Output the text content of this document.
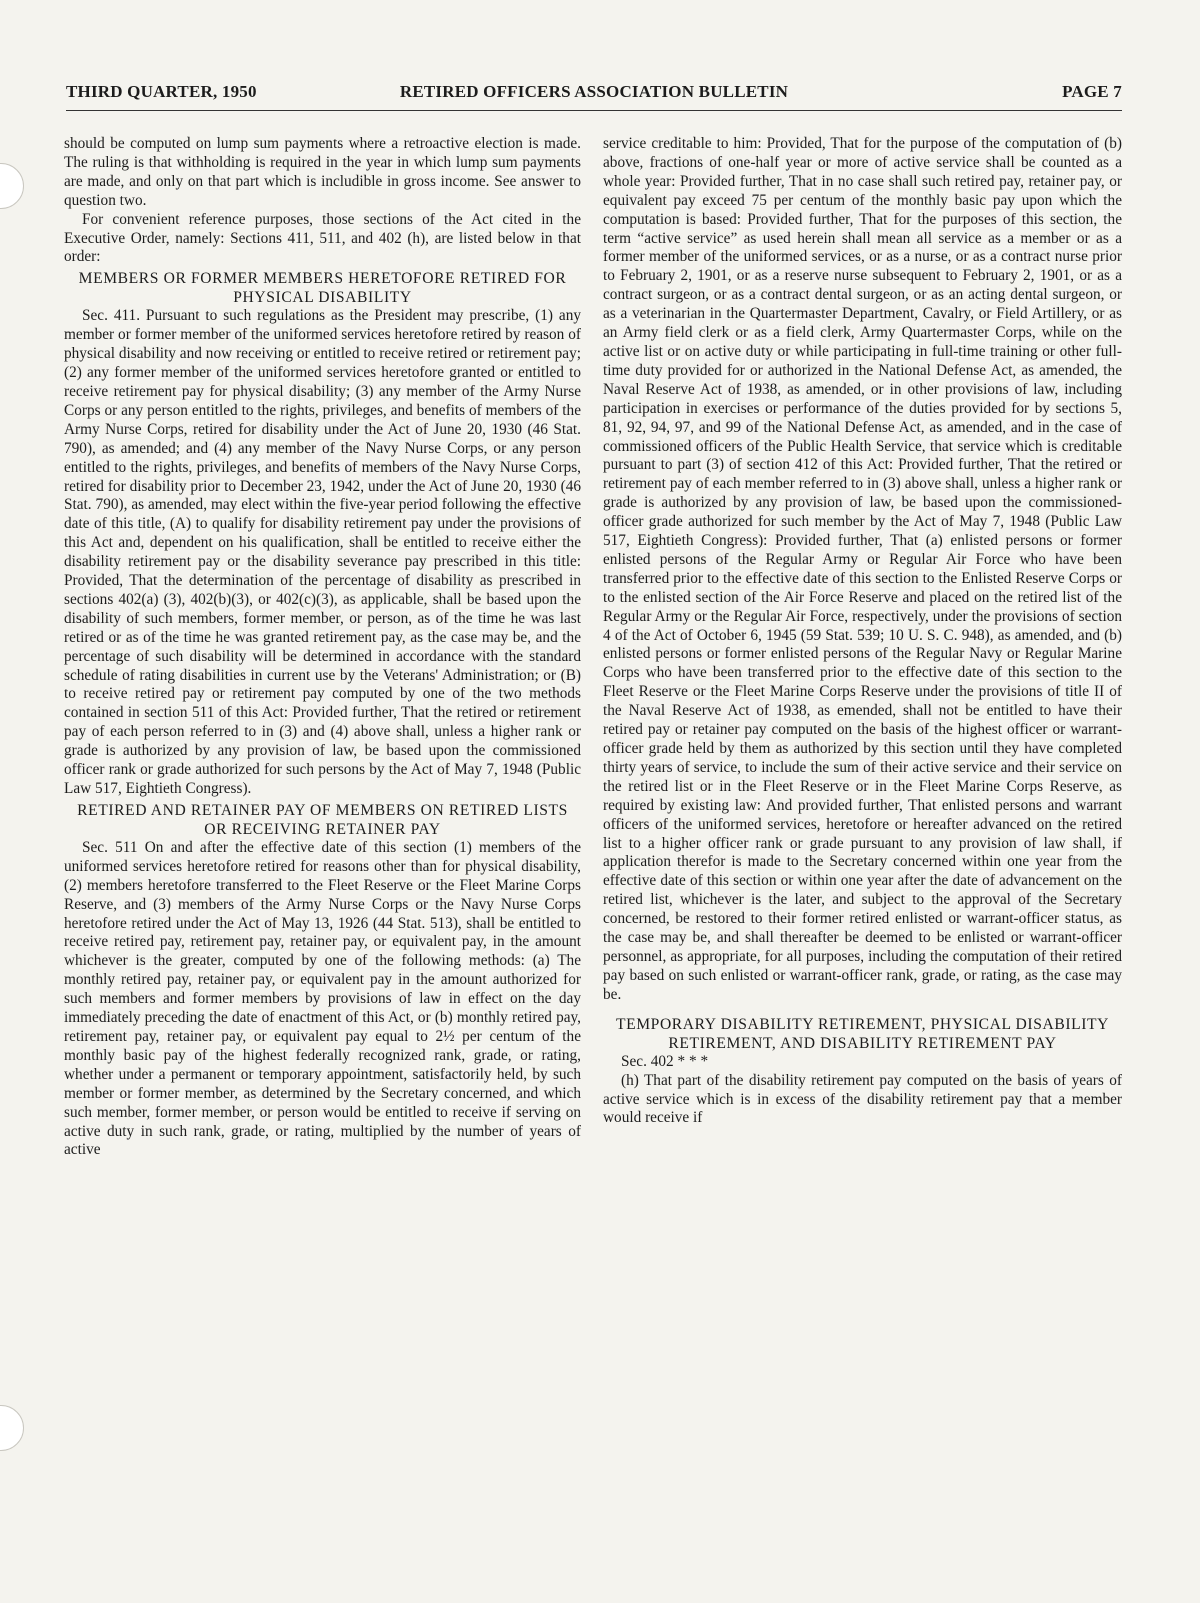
THIRD QUARTER, 1950	RETIRED OFFICERS ASSOCIATION BULLETIN	PAGE 7

should be computed on lump sum payments where a retroactive election is made. The ruling is that withholding is required in the year in which lump sum payments are made, and only on that part which is includible in gross income. See answer to question two.

For convenient reference purposes, those sections of the Act cited in the Executive Order, namely: Sections 411, 511, and 402 (h), are listed below in that order:

MEMBERS OR FORMER MEMBERS HERETOFORE RETIRED FOR PHYSICAL DISABILITY

Sec. 411. Pursuant to such regulations as the President may prescribe, (1) any member or former member of the uniformed services heretofore retired by reason of physical disability and now receiving or entitled to receive retired or retirement pay; (2) any former member of the uniformed services heretofore granted or entitled to receive retirement pay for physical disability; (3) any member of the Army Nurse Corps or any person entitled to the rights, privileges, and benefits of members of the Army Nurse Corps, retired for disability under the Act of June 20, 1930 (46 Stat. 790), as amended; and (4) any member of the Navy Nurse Corps, or any person entitled to the rights, privileges, and benefits of members of the Navy Nurse Corps, retired for disability prior to December 23, 1942, under the Act of June 20, 1930 (46 Stat. 790), as amended, may elect within the five-year period following the effective date of this title, (A) to qualify for disability retirement pay under the provisions of this Act and, dependent on his qualification, shall be entitled to receive either the disability retirement pay or the disability severance pay prescribed in this title: Provided, That the determination of the percentage of disability as prescribed in sections 402(a) (3), 402(b)(3), or 402(c)(3), as applicable, shall be based upon the disability of such members, former member, or person, as of the time he was last retired or as of the time he was granted retirement pay, as the case may be, and the percentage of such disability will be determined in accordance with the standard schedule of rating disabilities in current use by the Veterans' Administration; or (B) to receive retired pay or retirement pay computed by one of the two methods contained in section 511 of this Act: Provided further, That the retired or retirement pay of each person referred to in (3) and (4) above shall, unless a higher rank or grade is authorized by any provision of law, be based upon the commissioned officer rank or grade authorized for such persons by the Act of May 7, 1948 (Public Law 517, Eightieth Congress).

RETIRED AND RETAINER PAY OF MEMBERS ON RETIRED LISTS OR RECEIVING RETAINER PAY

Sec. 511 On and after the effective date of this section (1) members of the uniformed services heretofore retired for reasons other than for physical disability, (2) members heretofore transferred to the Fleet Reserve or the Fleet Marine Corps Reserve, and (3) members of the Army Nurse Corps or the Navy Nurse Corps heretofore retired under the Act of May 13, 1926 (44 Stat. 513), shall be entitled to receive retired pay, retirement pay, retainer pay, or equivalent pay, in the amount whichever is the greater, computed by one of the following methods: (a) The monthly retired pay, retainer pay, or equivalent pay in the amount authorized for such members and former members by provisions of law in effect on the day immediately preceding the date of enactment of this Act, or (b) monthly retired pay, retirement pay, retainer pay, or equivalent pay equal to 2½ per centum of the monthly basic pay of the highest federally recognized rank, grade, or rating, whether under a permanent or temporary appointment, satisfactorily held, by such member or former member, as determined by the Secretary concerned, and which such member, former member, or person would be entitled to receive if serving on active duty in such rank, grade, or rating, multiplied by the number of years of active

service creditable to him: Provided, That for the purpose of the computation of (b) above, fractions of one-half year or more of active service shall be counted as a whole year: Provided further, That in no case shall such retired pay, retainer pay, or equivalent pay exceed 75 per centum of the monthly basic pay upon which the computation is based: Provided further, That for the purposes of this section, the term “active service” as used herein shall mean all service as a member or as a former member of the uniformed services, or as a nurse, or as a contract nurse prior to February 2, 1901, or as a reserve nurse subsequent to February 2, 1901, or as a contract surgeon, or as a contract dental surgeon, or as an acting dental surgeon, or as a veterinarian in the Quartermaster Department, Cavalry, or Field Artillery, or as an Army field clerk or as a field clerk, Army Quartermaster Corps, while on the active list or on active duty or while participating in full-time training or other full-time duty provided for or authorized in the National Defense Act, as amended, the Naval Reserve Act of 1938, as amended, or in other provisions of law, including participation in exercises or performance of the duties provided for by sections 5, 81, 92, 94, 97, and 99 of the National Defense Act, as amended, and in the case of commissioned officers of the Public Health Service, that service which is creditable pursuant to part (3) of section 412 of this Act: Provided further, That the retired or retirement pay of each member referred to in (3) above shall, unless a higher rank or grade is authorized by any provision of law, be based upon the commissioned-officer grade authorized for such member by the Act of May 7, 1948 (Public Law 517, Eightieth Congress): Provided further, That (a) enlisted persons or former enlisted persons of the Regular Army or Regular Air Force who have been transferred prior to the effective date of this section to the Enlisted Reserve Corps or to the enlisted section of the Air Force Reserve and placed on the retired list of the Regular Army or the Regular Air Force, respectively, under the provisions of section 4 of the Act of October 6, 1945 (59 Stat. 539; 10 U. S. C. 948), as amended, and (b) enlisted persons or former enlisted persons of the Regular Navy or Regular Marine Corps who have been transferred prior to the effective date of this section to the Fleet Reserve or the Fleet Marine Corps Reserve under the provisions of title II of the Naval Reserve Act of 1938, as emended, shall not be entitled to have their retired pay or retainer pay computed on the basis of the highest officer or warrant-officer grade held by them as authorized by this section until they have completed thirty years of service, to include the sum of their active service and their service on the retired list or in the Fleet Reserve or in the Fleet Marine Corps Reserve, as required by existing law: And provided further, That enlisted persons and warrant officers of the uniformed services, heretofore or hereafter advanced on the retired list to a higher officer rank or grade pursuant to any provision of law shall, if application therefor is made to the Secretary concerned within one year from the effective date of this section or within one year after the date of advancement on the retired list, whichever is the later, and subject to the approval of the Secretary concerned, be restored to their former retired enlisted or warrant-officer status, as the case may be, and shall thereafter be deemed to be enlisted or warrant-officer personnel, as appropriate, for all purposes, including the computation of their retired pay based on such enlisted or warrant-officer rank, grade, or rating, as the case may be.

TEMPORARY DISABILITY RETIREMENT, PHYSICAL DISABILITY RETIREMENT, AND DISABILITY RETIREMENT PAY

Sec. 402 * * *

(h) That part of the disability retirement pay computed on the basis of years of active service which is in excess of the disability retirement pay that a member would receive if
